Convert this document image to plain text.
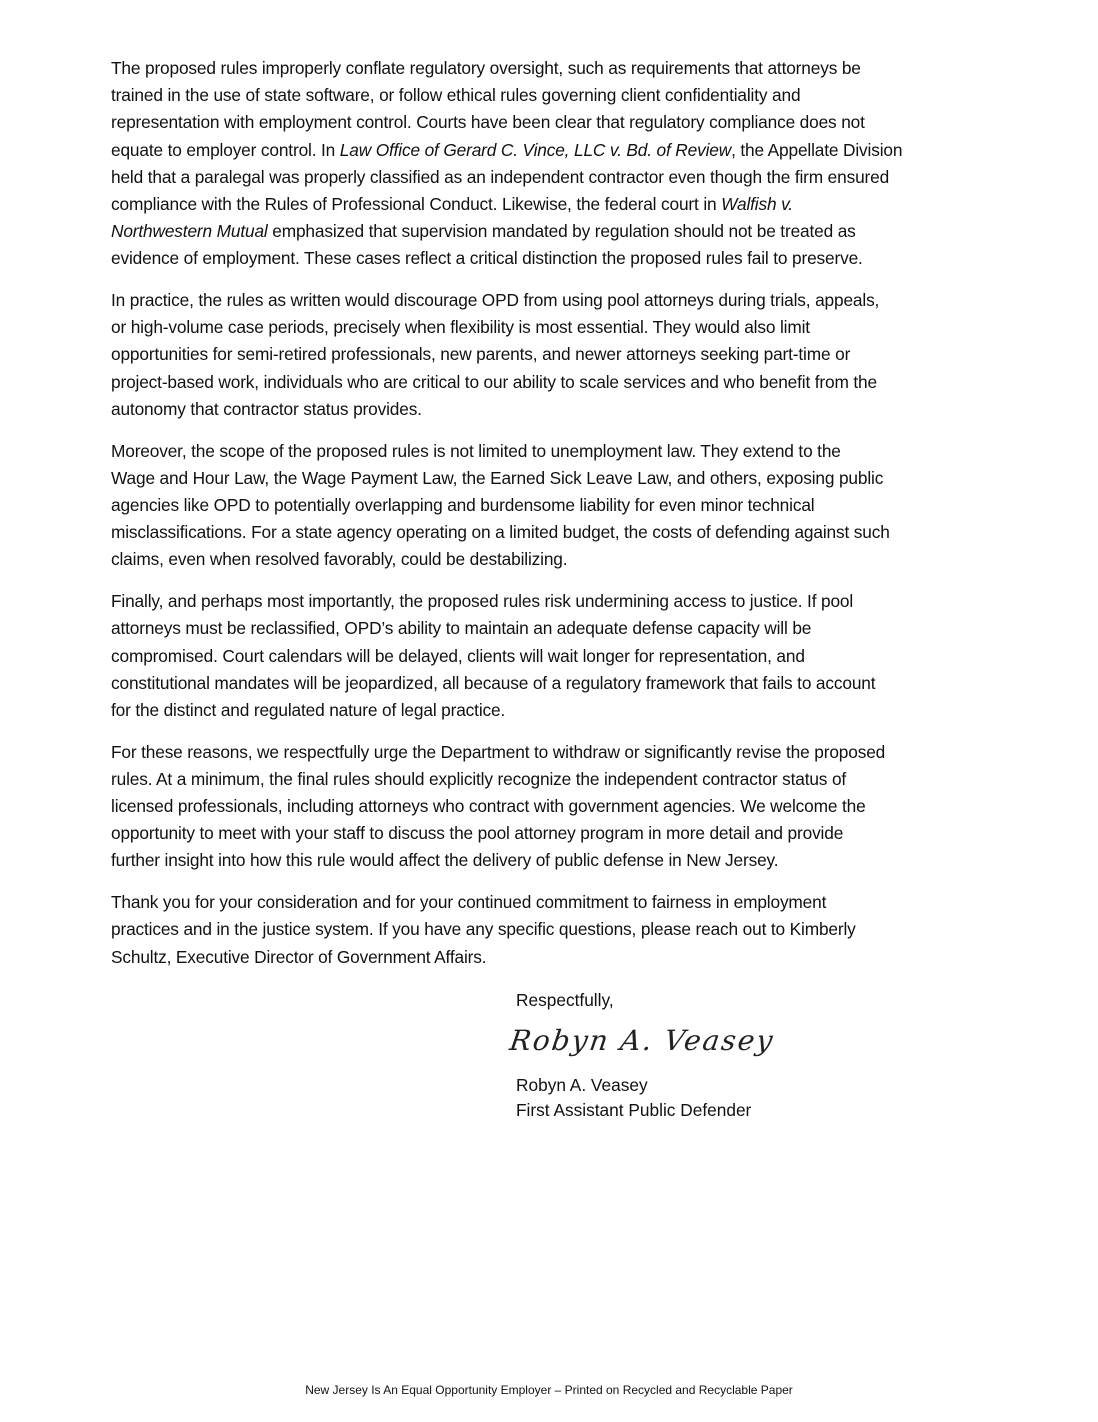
The proposed rules improperly conflate regulatory oversight, such as requirements that attorneys be
trained in the use of state software, or follow ethical rules governing client confidentiality and
representation with employment control. Courts have been clear that regulatory compliance does not
equate to employer control. In Law Office of Gerard C. Vince, LLC v. Bd. of Review, the Appellate Division
held that a paralegal was properly classified as an independent contractor even though the firm ensured
compliance with the Rules of Professional Conduct. Likewise, the federal court in Walfish v.
Northwestern Mutual emphasized that supervision mandated by regulation should not be treated as
evidence of employment. These cases reflect a critical distinction the proposed rules fail to preserve.
In practice, the rules as written would discourage OPD from using pool attorneys during trials, appeals,
or high-volume case periods, precisely when flexibility is most essential. They would also limit
opportunities for semi-retired professionals, new parents, and newer attorneys seeking part-time or
project-based work, individuals who are critical to our ability to scale services and who benefit from the
autonomy that contractor status provides.
Moreover, the scope of the proposed rules is not limited to unemployment law. They extend to the
Wage and Hour Law, the Wage Payment Law, the Earned Sick Leave Law, and others, exposing public
agencies like OPD to potentially overlapping and burdensome liability for even minor technical
misclassifications. For a state agency operating on a limited budget, the costs of defending against such
claims, even when resolved favorably, could be destabilizing.
Finally, and perhaps most importantly, the proposed rules risk undermining access to justice. If pool
attorneys must be reclassified, OPD’s ability to maintain an adequate defense capacity will be
compromised. Court calendars will be delayed, clients will wait longer for representation, and
constitutional mandates will be jeopardized, all because of a regulatory framework that fails to account
for the distinct and regulated nature of legal practice.
For these reasons, we respectfully urge the Department to withdraw or significantly revise the proposed
rules. At a minimum, the final rules should explicitly recognize the independent contractor status of
licensed professionals, including attorneys who contract with government agencies. We welcome the
opportunity to meet with your staff to discuss the pool attorney program in more detail and provide
further insight into how this rule would affect the delivery of public defense in New Jersey.
Thank you for your consideration and for your continued commitment to fairness in employment
practices and in the justice system. If you have any specific questions, please reach out to Kimberly
Schultz, Executive Director of Government Affairs.
Respectfully,
Robyn A. Veasey
Robyn A. Veasey
First Assistant Public Defender
New Jersey Is An Equal Opportunity Employer – Printed on Recycled and Recyclable Paper
